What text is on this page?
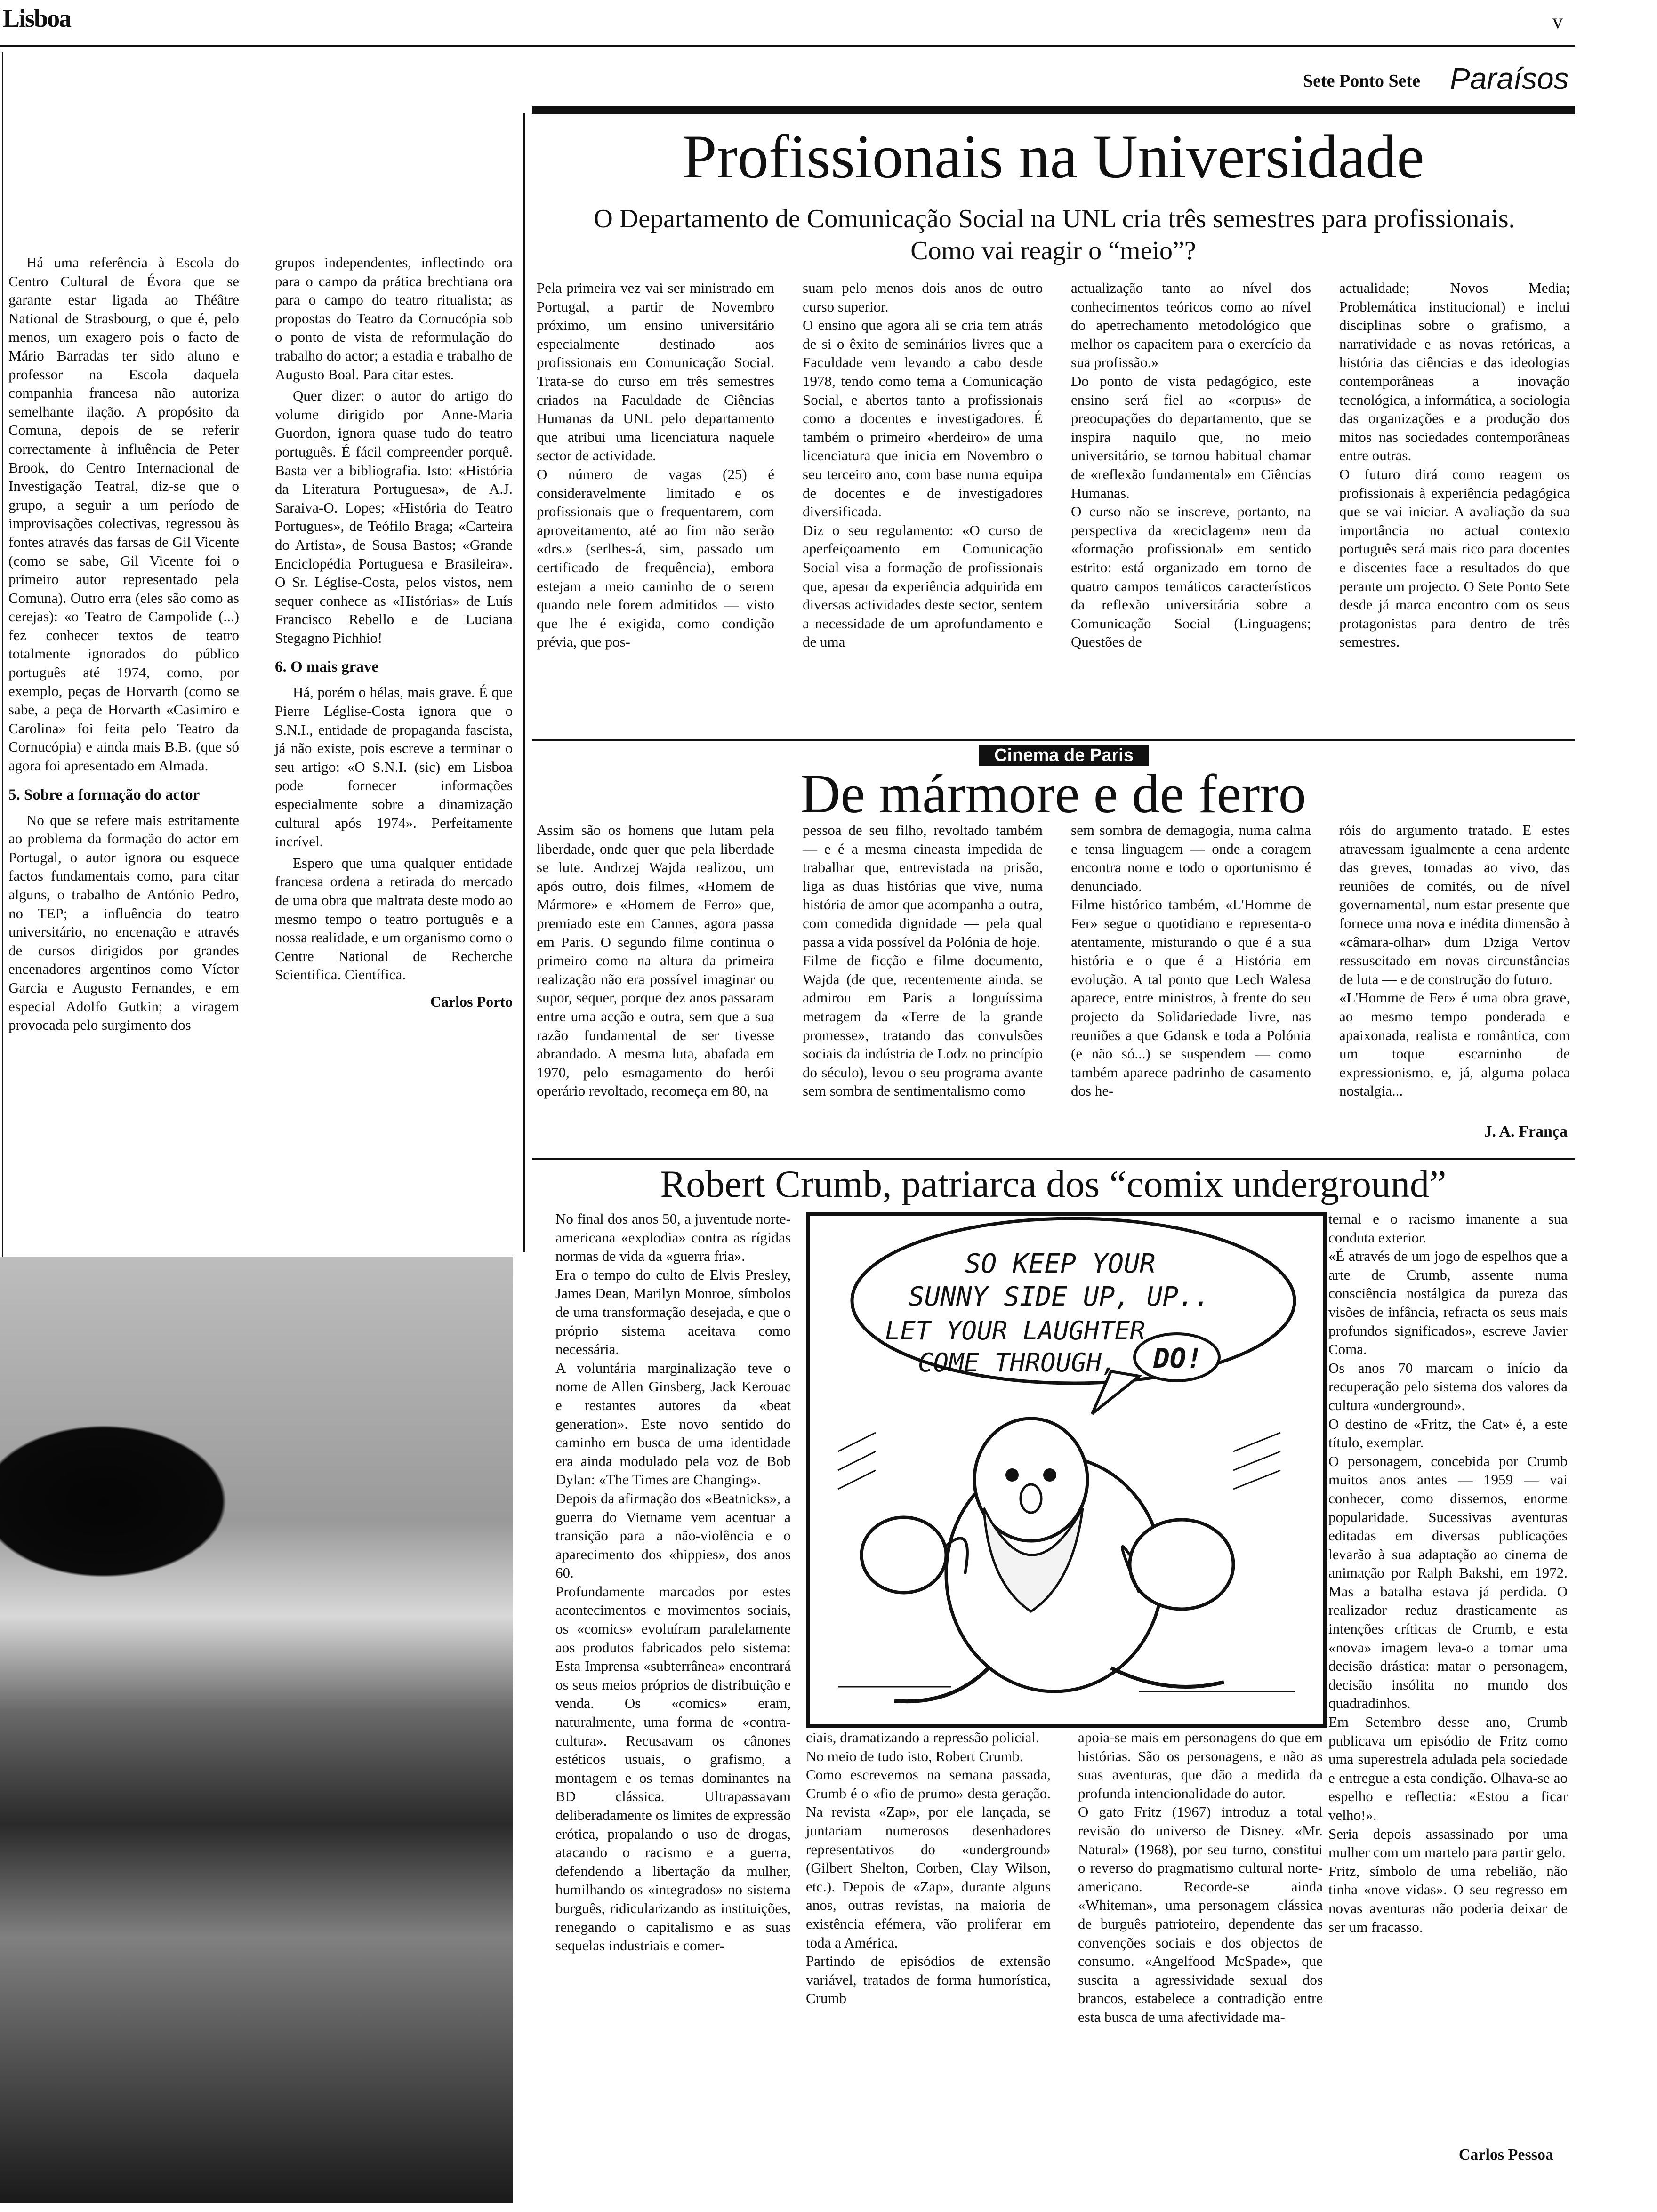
Lisboa	v
Sete Ponto Sete Paraísos

Há uma referência à Escola do Centro Cultural de Évora que se garante estar ligada ao Théâtre National de Strasbourg, o que é, pelo menos, um exagero pois o facto de Mário Barradas ter sido aluno e professor na Escola daquela companhia francesa não autoriza semelhante ilação. A propósito da Comuna, depois de se referir correctamente à influência de Peter Brook, do Centro Internacional de Investigação Teatral, diz-se que o grupo, a seguir a um período de improvisações colectivas, regressou às fontes através das farsas de Gil Vicente (como se sabe, Gil Vicente foi o primeiro autor representado pela Comuna). Outro erra (eles são como as cerejas): «o Teatro de Campolide (...) fez conhecer textos de teatro totalmente ignorados do público português até 1974, como, por exemplo, peças de Horvarth (como se sabe, a peça de Horvarth «Casimiro e Carolina» foi feita pelo Teatro da Cornucópia) e ainda mais B.B. (que só agora foi apresentado em Almada.

5. Sobre a formação do actor

No que se refere mais estritamente ao problema da formação do actor em Portugal, o autor ignora ou esquece factos fundamentais como, para citar alguns, o trabalho de António Pedro, no TEP; a influência do teatro universitário, no encenação e através de cursos dirigidos por grandes encenadores argentinos como Víctor Garcia e Augusto Fernandes, e em especial Adolfo Gutkin; a viragem provocada pelo surgimento dos

grupos independentes, inflectindo ora para o campo da prática brechtiana ora para o campo do teatro ritualista; as propostas do Teatro da Cornucópia sob o ponto de vista de reformulação do trabalho do actor; a estadia e trabalho de Augusto Boal. Para citar estes.

Quer dizer: o autor do artigo do volume dirigido por Anne-Maria Guordon, ignora quase tudo do teatro português. É fácil compreender porquê. Basta ver a bibliografia. Isto: «História da Literatura Portuguesa», de A.J. Saraiva-O. Lopes; «História do Teatro Portugues», de Teófilo Braga; «Carteira do Artista», de Sousa Bastos; «Grande Enciclopédia Portuguesa e Brasileira». O Sr. Léglise-Costa, pelos vistos, nem sequer conhece as «Histórias» de Luís Francisco Rebello e de Luciana Stegagno Pichhio!

6. O mais grave

Há, porém o hélas, mais grave. É que Pierre Léglise-Costa ignora que o S.N.I., entidade de propaganda fascista, já não existe, pois escreve a terminar o seu artigo: «O S.N.I. (sic) em Lisboa pode fornecer informações especialmente sobre a dinamização cultural após 1974». Perfeitamente incrível.

Espero que uma qualquer entidade francesa ordena a retirada do mercado de uma obra que maltrata deste modo ao mesmo tempo o teatro português e a nossa realidade, e um organismo como o Centre National de Recherche Scientifica. Científica.

Carlos Porto
Profissionais na Universidade
O Departamento de Comunicação Social na UNL cria três semestres para profissionais.
Como vai reagir o “meio”?
Pela primeira vez vai ser ministrado em Portugal, a partir de Novembro próximo, um ensino universitário especialmente destinado aos profissionais em Comunicação Social. Trata-se do curso em três semestres criados na Faculdade de Ciências Humanas da UNL pelo departamento que atribui uma licenciatura naquele sector de actividade.
O número de vagas (25) é consideravelmente limitado e os profissionais que o frequentarem, com aproveitamento, até ao fim não serão «drs.» (serlhes-á, sim, passado um certificado de frequência), embora estejam a meio caminho de o serem quando nele forem admitidos — visto que lhe é exigida, como condição prévia, que pos-
suam pelo menos dois anos de outro curso superior.
O ensino que agora ali se cria tem atrás de si o êxito de seminários livres que a Faculdade vem levando a cabo desde 1978, tendo como tema a Comunicação Social, e abertos tanto a profissionais como a docentes e investigadores. É também o primeiro «herdeiro» de uma licenciatura que inicia em Novembro o seu terceiro ano, com base numa equipa de docentes e de investigadores diversificada.
Diz o seu regulamento: «O curso de aperfeiçoamento em Comunicação Social visa a formação de profissionais que, apesar da experiência adquirida em diversas actividades deste sector, sentem a necessidade de um aprofundamento e de uma
actualização tanto ao nível dos conhecimentos teóricos como ao nível do apetrechamento metodológico que melhor os capacitem para o exercício da sua profissão.»
Do ponto de vista pedagógico, este ensino será fiel ao «corpus» de preocupações do departamento, que se inspira naquilo que, no meio universitário, se tornou habitual chamar de «reflexão fundamental» em Ciências Humanas.
O curso não se inscreve, portanto, na perspectiva da «reciclagem» nem da «formação profissional» em sentido estrito: está organizado em torno de quatro campos temáticos característicos da reflexão universitária sobre a Comunicação Social (Linguagens; Questões de
actualidade; Novos Media; Problemática institucional) e inclui disciplinas sobre o grafismo, a narratividade e as novas retóricas, a história das ciências e das ideologias contemporâneas a inovação tecnológica, a informática, a sociologia das organizações e a produção dos mitos nas sociedades contemporâneas entre outras.
O futuro dirá como reagem os profissionais à experiência pedagógica que se vai iniciar. A avaliação da sua importância no actual contexto português será mais rico para docentes e discentes face a resultados do que perante um projecto. O Sete Ponto Sete desde já marca encontro com os seus protagonistas para dentro de três semestres.
Cinema de Paris
De mármore e de ferro
Assim são os homens que lutam pela liberdade, onde quer que pela liberdade se lute. Andrzej Wajda realizou, um após outro, dois filmes, «Homem de Mármore» e «Homem de Ferro» que, premiado este em Cannes, agora passa em Paris. O segundo filme continua o primeiro como na altura da primeira realização não era possível imaginar ou supor, sequer, porque dez anos passaram entre uma acção e outra, sem que a sua razão fundamental de ser tivesse abrandado. A mesma luta, abafada em 1970, pelo esmagamento do herói operário revoltado, recomeça em 80, na
pessoa de seu filho, revoltado também — e é a mesma cineasta impedida de trabalhar que, entrevistada na prisão, liga as duas histórias que vive, numa história de amor que acompanha a outra, com comedida dignidade — pela qual passa a vida possível da Polónia de hoje.
Filme de ficção e filme documento, Wajda (de que, recentemente ainda, se admirou em Paris a longuíssima metragem da «Terre de la grande promesse», tratando das convulsões sociais da indústria de Lodz no princípio do século), levou o seu programa avante sem sombra de sentimentalismo como
sem sombra de demagogia, numa calma e tensa linguagem — onde a coragem encontra nome e todo o oportunismo é denunciado.
Filme histórico também, «L'Homme de Fer» segue o quotidiano e representa-o atentamente, misturando o que é a sua história e o que é a História em evolução. A tal ponto que Lech Walesa aparece, entre ministros, à frente do seu projecto da Solidariedade livre, nas reuniões a que Gdansk e toda a Polónia (e não só...) se suspendem — como também aparece padrinho de casamento dos he-
róis do argumento tratado. E estes atravessam igualmente a cena ardente das greves, tomadas ao vivo, das reuniões de comités, ou de nível governamental, num estar presente que fornece uma nova e inédita dimensão à «câmara-olhar» dum Dziga Vertov ressuscitado em novas circunstâncias de luta — e de construção do futuro.
«L'Homme de Fer» é uma obra grave, ao mesmo tempo ponderada e apaixonada, realista e romântica, com um toque escarninho de expressionismo, e, já, alguma polaca nostalgia...
J. A. França
Robert Crumb, patriarca dos “comix underground”
No final dos anos 50, a juventude norte-americana «explodia» contra as rígidas normas de vida da «guerra fria».
Era o tempo do culto de Elvis Presley, James Dean, Marilyn Monroe, símbolos de uma transformação desejada, e que o próprio sistema aceitava como necessária.
A voluntária marginalização teve o nome de Allen Ginsberg, Jack Kerouac e restantes autores da «beat generation». Este novo sentido do caminho em busca de uma identidade era ainda modulado pela voz de Bob Dylan: «The Times are Changing».
Depois da afirmação dos «Beatnicks», a guerra do Vietname vem acentuar a transição para a não-violência e o aparecimento dos «hippies», dos anos 60.
Profundamente marcados por estes acontecimentos e movimentos sociais, os «comics» evoluíram paralelamente aos produtos fabricados pelo sistema: Esta Imprensa «subterrânea» encontrará os seus meios próprios de distribuição e venda. Os «comics» eram, naturalmente, uma forma de «contra-cultura». Recusavam os cânones estéticos usuais, o grafismo, a montagem e os temas dominantes na BD clássica. Ultrapassavam deliberadamente os limites de expressão erótica, propalando o uso de drogas, atacando o racismo e a guerra, defendendo a libertação da mulher, humilhando os «integrados» no sistema burguês, ridicularizando as instituições, renegando o capitalismo e as suas sequelas industriais e comer-
SO KEEP YOUR
SUNNY SIDE UP, UP..
LET YOUR LAUGHTER
COME THROUGH, DO!
ciais, dramatizando a repressão policial.
No meio de tudo isto, Robert Crumb.
Como escrevemos na semana passada, Crumb é o «fio de prumo» desta geração. Na revista «Zap», por ele lançada, se juntariam numerosos desenhadores representativos do «underground» (Gilbert Shelton, Corben, Clay Wilson, etc.). Depois de «Zap», durante alguns anos, outras revistas, na maioria de existência efémera, vão proliferar em toda a América.
Partindo de episódios de extensão variável, tratados de forma humorística, Crumb
apoia-se mais em personagens do que em histórias. São os personagens, e não as suas aventuras, que dão a medida da profunda intencionalidade do autor.
O gato Fritz (1967) introduz a total revisão do universo de Disney. «Mr. Natural» (1968), por seu turno, constitui o reverso do pragmatismo cultural norte-americano. Recorde-se ainda «Whiteman», uma personagem clássica de burguês patrioteiro, dependente das convenções sociais e dos objectos de consumo. «Angelfood McSpade», que suscita a agressividade sexual dos brancos, estabelece a contradição entre esta busca de uma afectividade ma-
ternal e o racismo imanente a sua conduta exterior.
«É através de um jogo de espelhos que a arte de Crumb, assente numa consciência nostálgica da pureza das visões de infância, refracta os seus mais profundos significados», escreve Javier Coma.
Os anos 70 marcam o início da recuperação pelo sistema dos valores da cultura «underground».
O destino de «Fritz, the Cat» é, a este título, exemplar.
O personagem, concebida por Crumb muitos anos antes — 1959 — vai conhecer, como dissemos, enorme popularidade. Sucessivas aventuras editadas em diversas publicações levarão à sua adaptação ao cinema de animação por Ralph Bakshi, em 1972. Mas a batalha estava já perdida. O realizador reduz drasticamente as intenções críticas de Crumb, e esta «nova» imagem leva-o a tomar uma decisão drástica: matar o personagem, decisão insólita no mundo dos quadradinhos.
Em Setembro desse ano, Crumb publicava um episódio de Fritz como uma superestrela adulada pela sociedade e entregue a esta condição. Olhava-se ao espelho e reflectia: «Estou a ficar velho!».
Seria depois assassinado por uma mulher com um martelo para partir gelo.
Fritz, símbolo de uma rebelião, não tinha «nove vidas». O seu regresso em novas aventuras não poderia deixar de ser um fracasso.
Carlos Pessoa
